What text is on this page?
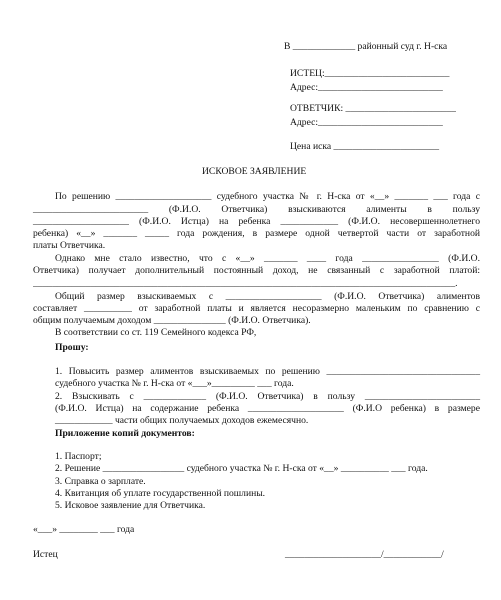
В _____________ районный суд г. Н-ска
ИСТЕЦ:__________________________
Адрес:__________________________
ОТВЕТЧИК: _______________________
Адрес:__________________________
Цена иска ______________________
ИСКОВОЕ ЗАЯВЛЕНИЕ
По решению ____________________ судебного участка № г. Н-ска от «__» _______ ___ года с
________________________ (Ф.И.О. Ответчика) взыскиваются алименты в пользу
____________________ (Ф.И.О. Истца) на ребенка ____________ (Ф.И.О. несовершеннолетнего
ребенка) «__» _______ _____ года рождения, в размере одной четвертой части от заработной
платы Ответчика.
Однако мне стало известно, что с «__» _______ ____ года ________________ (Ф.И.О.
Ответчика) получает дополнительный постоянный доход, не связанный с заработной платой:
________________________________________________________________________________________.
Общий размер взыскиваемых с ____________________ (Ф.И.О. Ответчика) алиментов
составляет __________ от заработной платы и является несоразмерно маленьким по сравнению с
общим получаемым доходом _______________ (Ф.И.О. Ответчика).
В соответствии со ст. 119 Семейного кодекса РФ,
Прошу:
1. Повысить размер алиментов взыскиваемых по решению ________________________________
судебного участка № г. Н-ска от «___»_________ ___ года.
2. Взыскивать с _____________ (Ф.И.О. Ответчика) в пользу ________________________
(Ф.И.О. Истца) на содержание ребенка ____________________ (Ф.И.О ребенка) в размере
____________ части общих получаемых доходов ежемесячно.
Приложение копий документов:
1. Паспорт;
2. Решение _________________ судебного участка № г. Н-ска от «__» __________ ___ года.
3. Справка о зарплате.
4. Квитанция об уплате государственной пошлины.
5. Исковое заявление для Ответчика.
«___» ________ ___ года
Истец	____________________/____________/
